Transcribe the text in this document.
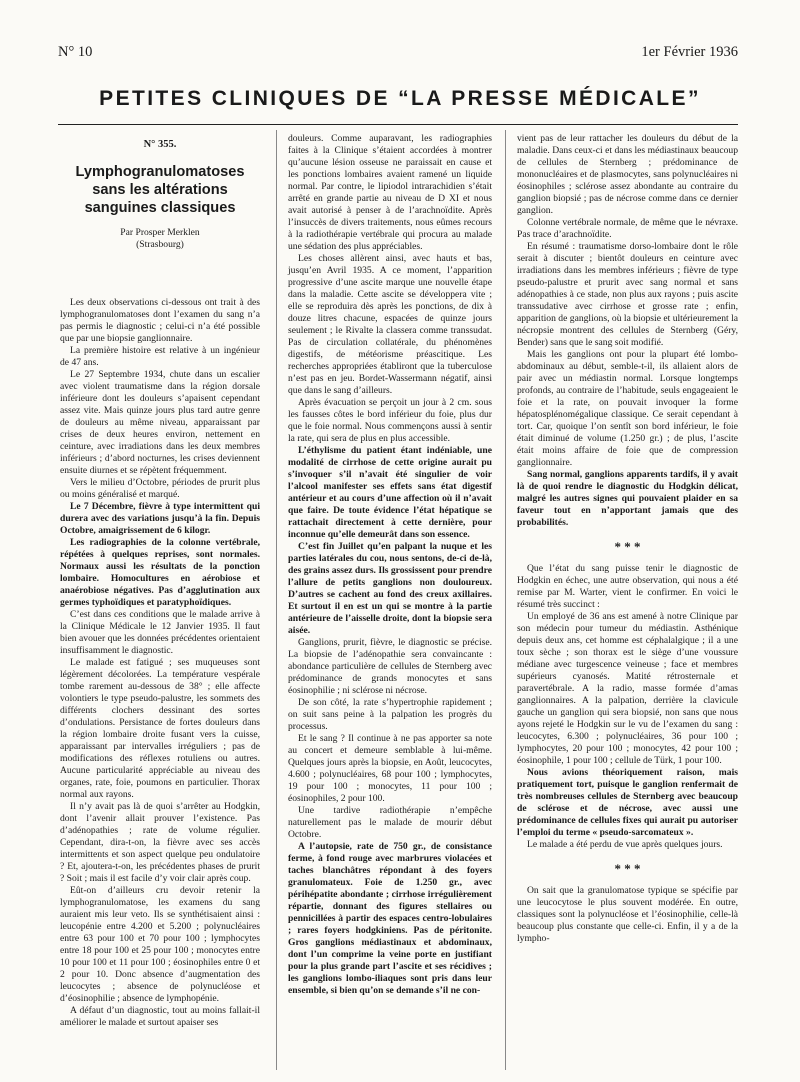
N° 10	1er Février 1936
PETITES CLINIQUES DE “LA PRESSE MÉDICALE”
N° 355.
Lymphogranulomatoses sans les altérations sanguines classiques
Par Prosper Merklen
(Strasbourg)

Les deux observations ci-dessous ont trait à des lymphogranulomatoses dont l’examen du sang n’a pas permis le diagnostic ; celui-ci n’a été possible que par une biopsie ganglionnaire.

La première histoire est relative à un ingénieur de 47 ans.

Le 27 Septembre 1934, chute dans un escalier avec violent traumatisme dans la région dorsale inférieure dont les douleurs s’apaisent cependant assez vite. Mais quinze jours plus tard autre genre de douleurs au même niveau, apparaissant par crises de deux heures environ, nettement en ceinture, avec irradiations dans les deux membres inférieurs ; d’abord nocturnes, les crises deviennent ensuite diurnes et se répètent fréquemment.

Vers le milieu d’Octobre, périodes de prurit plus ou moins généralisé et marqué.

Le 7 Décembre, fièvre à type intermittent qui durera avec des variations jusqu’à la fin. Depuis Octobre, amaigrissement de 6 kilogr.

Les radiographies de la colonne vertébrale, répétées à quelques reprises, sont normales. Normaux aussi les résultats de la ponction lombaire. Homocultures en aérobiose et anaérobiose négatives. Pas d’agglutination aux germes typhoïdiques et paratyphoïdiques.

C’est dans ces conditions que le malade arrive à la Clinique Médicale le 12 Janvier 1935. Il faut bien avouer que les données précédentes orientaient insuffisamment le diagnostic.

Le malade est fatigué ; ses muqueuses sont légèrement décolorées. La température vespérale tombe rarement au-dessous de 38° ; elle affecte volontiers le type pseudo-palustre, les sommets des différents clochers dessinant des sortes d’ondulations. Persistance de fortes douleurs dans la région lombaire droite fusant vers la cuisse, apparaissant par intervalles irréguliers ; pas de modifications des réflexes rotuliens ou autres. Aucune particularité appréciable au niveau des organes, rate, foie, poumons en particulier. Thorax normal aux rayons.

Il n’y avait pas là de quoi s’arrêter au Hodgkin, dont l’avenir allait prouver l’existence. Pas d’adénopathies ; rate de volume régulier. Cependant, dira-t-on, la fièvre avec ses accès intermittents et son aspect quelque peu ondulatoire ? Et, ajoutera-t-on, les précédentes phases de prurit ? Soit ; mais il est facile d’y voir clair après coup.

Eût-on d’ailleurs cru devoir retenir la lymphogranulomatose, les examens du sang auraient mis leur veto. Ils se synthétisaient ainsi : leucopénie entre 4.200 et 5.200 ; polynucléaires entre 63 pour 100 et 70 pour 100 ; lymphocytes entre 18 pour 100 et 25 pour 100 ; monocytes entre 10 pour 100 et 11 pour 100 ; éosinophiles entre 0 et 2 pour 10. Donc absence d’augmentation des leucocytes ; absence de polynucléose et d’éosinophilie ; absence de lymphopénie.

A défaut d’un diagnostic, tout au moins fallait-il améliorer le malade et surtout apaiser ses

douleurs. Comme auparavant, les radiographies faites à la Clinique s’étaient accordées à montrer qu’aucune lésion osseuse ne paraissait en cause et les ponctions lombaires avaient ramené un liquide normal. Par contre, le lipiodol intrarachidien s’était arrêté en grande partie au niveau de D XI et nous avait autorisé à penser à de l’arachnoïdite. Après l’insuccès de divers traitements, nous eûmes recours à la radiothérapie vertébrale qui procura au malade une sédation des plus appréciables.

Les choses allèrent ainsi, avec hauts et bas, jusqu’en Avril 1935. A ce moment, l’apparition progressive d’une ascite marque une nouvelle étape dans la maladie. Cette ascite se développera vite ; elle se reproduira dès après les ponctions, de dix à douze litres chacune, espacées de quinze jours seulement ; le Rivalte la classera comme transsudat. Pas de circulation collatérale, du phénomènes digestifs, de météorisme préascitique. Les recherches appropriées établiront que la tuberculose n’est pas en jeu. Bordet-Wassermann négatif, ainsi que dans le sang d’ailleurs.

Après évacuation se perçoit un jour à 2 cm. sous les fausses côtes le bord inférieur du foie, plus dur que le foie normal. Nous commençons aussi à sentir la rate, qui sera de plus en plus accessible.

L’éthylisme du patient étant indéniable, une modalité de cirrhose de cette origine aurait pu s’invoquer s’il n’avait été singulier de voir l’alcool manifester ses effets sans état digestif antérieur et au cours d’une affection où il n’avait que faire. De toute évidence l’état hépatique se rattachait directement à cette dernière, pour inconnue qu’elle demeurât dans son essence.

C’est fin Juillet qu’en palpant la nuque et les parties latérales du cou, nous sentons, de-ci de-là, des grains assez durs. Ils grossissent pour prendre l’allure de petits ganglions non douloureux. D’autres se cachent au fond des creux axillaires. Et surtout il en est un qui se montre à la partie antérieure de l’aisselle droite, dont la biopsie sera aisée.

Ganglions, prurit, fièvre, le diagnostic se précise. La biopsie de l’adénopathie sera convaincante : abondance particulière de cellules de Sternberg avec prédominance de grands monocytes et sans éosinophilie ; ni sclérose ni nécrose.

De son côté, la rate s’hypertrophie rapidement ; on suit sans peine à la palpation les progrès du processus.

Et le sang ? Il continue à ne pas apporter sa note au concert et demeure semblable à lui-même. Quelques jours après la biopsie, en Août, leucocytes, 4.600 ; polynucléaires, 68 pour 100 ; lymphocytes, 19 pour 100 ; monocytes, 11 pour 100 ; éosinophiles, 2 pour 100.

Une tardive radiothérapie n’empêche naturellement pas le malade de mourir début Octobre.

A l’autopsie, rate de 750 gr., de consistance ferme, à fond rouge avec marbrures violacées et taches blanchâtres répondant à des foyers granulomateux. Foie de 1.250 gr., avec périhépatite abondante ; cirrhose irrégulièrement répartie, donnant des figures stellaires ou pennicillées à partir des espaces centro-lobulaires ; rares foyers hodgkiniens. Pas de péritonite. Gros ganglions médiastinaux et abdominaux, dont l’un comprime la veine porte en justifiant pour la plus grande part l’ascite et ses récidives ; les ganglions lombo-iliaques sont pris dans leur ensemble, si bien qu’on se demande s’il ne con-

vient pas de leur rattacher les douleurs du début de la maladie. Dans ceux-ci et dans les médiastinaux beaucoup de cellules de Sternberg ; prédominance de mononucléaires et de plasmocytes, sans polynucléaires ni éosinophiles ; sclérose assez abondante au contraire du ganglion biopsié ; pas de nécrose comme dans ce dernier ganglion.

Colonne vertébrale normale, de même que le névraxe. Pas trace d’arachnoïdite.

En résumé : traumatisme dorso-lombaire dont le rôle serait à discuter ; bientôt douleurs en ceinture avec irradiations dans les membres inférieurs ; fièvre de type pseudo-palustre et prurit avec sang normal et sans adénopathies à ce stade, non plus aux rayons ; puis ascite transsudative avec cirrhose et grosse rate ; enfin, apparition de ganglions, où la biopsie et ultérieurement la nécropsie montrent des cellules de Sternberg (Géry, Bender) sans que le sang soit modifié.

Mais les ganglions ont pour la plupart été lombo-abdominaux au début, semble-t-il, ils allaient alors de pair avec un médiastin normal. Lorsque longtemps profonds, au contraire de l’habitude, seuls engageaient le foie et la rate, on pouvait invoquer la forme hépatosplénomégalique classique. Ce serait cependant à tort. Car, quoique l’on sentît son bord inférieur, le foie était diminué de volume (1.250 gr.) ; de plus, l’ascite était moins affaire de foie que de compression ganglionnaire.

Sang normal, ganglions apparents tardifs, il y avait là de quoi rendre le diagnostic du Hodgkin délicat, malgré les autres signes qui pouvaient plaider en sa faveur tout en n’apportant jamais que des probabilités.

* * *

Que l’état du sang puisse tenir le diagnostic de Hodgkin en échec, une autre observation, qui nous a été remise par M. Warter, vient le confirmer. En voici le résumé très succinct :

Un employé de 36 ans est amené à notre Clinique par son médecin pour tumeur du médiastin. Asthénique depuis deux ans, cet homme est céphalalgique ; il a une toux sèche ; son thorax est le siège d’une voussure médiane avec turgescence veineuse ; face et membres supérieurs cyanosés. Matité rétrosternale et paravertébrale. A la radio, masse formée d’amas ganglionnaires. A la palpation, derrière la clavicule gauche un ganglion qui sera biopsié, non sans que nous ayons rejeté le Hodgkin sur le vu de l’examen du sang : leucocytes, 6.300 ; polynucléaires, 36 pour 100 ; lymphocytes, 20 pour 100 ; monocytes, 42 pour 100 ; éosinophile, 1 pour 100 ; cellule de Türk, 1 pour 100.

Nous avions théoriquement raison, mais pratiquement tort, puisque le ganglion renfermait de très nombreuses cellules de Sternberg avec beaucoup de sclérose et de nécrose, avec aussi une prédominance de cellules fixes qui aurait pu autoriser l’emploi du terme « pseudo-sarcomateux ».

Le malade a été perdu de vue après quelques jours.

* * *

On sait que la granulomatose typique se spécifie par une leucocytose le plus souvent modérée. En outre, classiques sont la polynucléose et l’éosinophilie, celle-là beaucoup plus constante que celle-ci. Enfin, il y a de la lympho-
